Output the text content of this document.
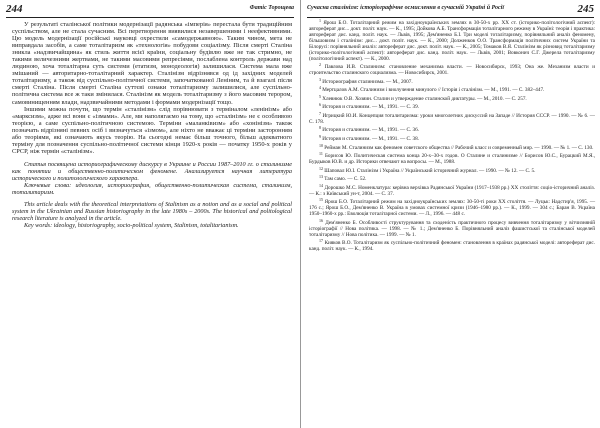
244	Фатіс Торощева

У результаті сталінської політики модернізації радянська «імперія» перестала бути традиційним суспільством, але не стала сучасним. Всі перетворення виявилися незавершеними і неефективними. Цю модель модернізації російські науковці охрестили «самодержавною». Таким чином, мета не виправдала засобів, а саме тоталітаризм як «технологія» побудови соціалізму. Після смерті Сталіна зникла «надзвичайщина» як стиль життя всієї країни, соціальну будівлю вже не так стримно, не такими величезними жертвами, не такими масовими репресіями, послаблена контроль держави над людиною, хоча тоталітарна суть системи (етатизм, монодеологія) залишилася. Система мала вже змішаний — авторитарно-тоталітарний характер. Сталінізм відрізнявся од ід західних моделей тоталітаризму, а також від суспільно-політичної системи, започаткованої Леніним, та й взагалі після смерті Сталіна. Після смерті Сталіна суттєві ознаки тоталітаризму залишилися, але суспільно-політична система все ж таки змінилася. Сталінізм як модель тоталітаризму з його масовим терором, самовинищенням влади, надзвичайними методами і формами модернізації тощо.

Іншими можна почути, що термін «сталінізм» слід порівнювати з терміналом «ленінізм» або «марксизм», адже всі вони є «ізмами». Але, ми наполягаємо на тому, що «сталінізм» не є особливою теорією, а саме суспільно-політичною системою. Терміни «маланківизм» або «хонінізм» також позначать відрізняні певних осіб і визначуться «ізмом», але ніхто не вважає ці терміни засторонням або теоріями, які означають якусь теорію. На сьогодні немає більш точного, більш адекватного терміну для позначення суспільно-політичної системи кінця 1920-х років — початку 1950-х років у СРСР, ніж термін «сталінізм».

Статья посвящена историографическому дискурсу в Украине и России 1987–2010 гг. о сталинизме как понятии и общественно-политическом феномене. Анализируется научная литература исторического и политологического характера.

Ключевые слова: идеология, историография, общественно-политическая система, сталинизм, тоталитаризм.

This article deals with the theoretical interpretations of Stalinism as a notion and as a social and political system in the Ukrainian and Russian historiography in the late 1980s – 2000s. The historical and politological research literature is analyzed in the article.

Key words: ideology, historiography, socio-political system, Stalinism, totalitarianism.

Сучасна сталінізм: історіографічне осмислення в сучасній Україні й Росії	245

$^1$ Ярош Б.О. Тоталітарний режим на західноукраїнських землях в 30-50-х рр. XX ст. (історико-політологічний аспект): автореферат дис... докт. політ. наук. — К., 1995; Дойкова А.Б. Трансформація тоталітарного режиму в Україні: теорія і практика: автореферат дис. канд. політ. наук. — Львів, 1995; Дем'яненко Б.І. Три моделі тоталітаризму, порівняльний аналіз феномену, більшовизм і сталінізм: дис... докт. політ. наук. — К., 2000; Долженков О.О. Трансформація політичних систем України та Білорусі: порівняльний аналіз: автореферат дис. докт. політ. наук. — К., 2005; Томаков В.Я. Сталінізм як різновид тоталітаризму (історико-політологічний аспект): автореферат дис. канд. політ. наук. — Львів, 2001; Вовконич С.Г. Джерела тоталітаризму (політологічний аспект). — К., 2000.

$^2$ Павлова И.В. Сталинизм: становление механизма власти. — Новосибирск, 1993; Она же. Механизм власти и строительство сталинского социализма. — Новосибирск, 2001.

$^3$ Историография сталинизма. — М., 2007.

$^4$ Мертцалов А.М. Сталинизм і виолучення минулого // Історія і сталінізм. — М., 1991. — С. 382–447.

$^5$ Хлевнюк О.В. Хозяин. Сталин и утверждение сталинской диктатуры. — М., 2010. — С. 257.

$^6$ История и сталинизм. — М., 1991. — С. 39.

$^7$ Игрицкий Ю.И. Концепция тоталитаризма: уроки многолетних дискуссий на Западе // История СССР. — 1990. — № 6. — С. 178.

$^8$ История и сталинизм. — М., 1991. — С. 36.

$^9$ История и сталинизм. — М., 1991. — С. 38.

$^{10}$ Рейман М. Сталинизм как феномен советского общества // Рабочий класс и современный мир. — 1990. — № 1. — С. 130.

$^{11}$ Борисов Ю. Политическая система конца 20-х–30-х годов. О Сталине и сталинизме // Борисов Ю.С., Бурацкий М.Я., Бурдыков Ю.В. и др. Историки отвечают на вопросы. — М., 1988.

$^{12}$ Шаповал Ю.І. Сталінізм і Україна // Український історичний журнал. — 1990. — № 12. — С. 5.

$^{13}$ Там само. — С. 52.

$^{14}$ Дорошко М.С. Номенклатура: керівна верхівка Радянської України (1917–1938 рр.) XX століття: соціо-історичний аналіз. — К.: з Київський ун-т, 2004. — С. 37.

$^{15}$ Ярош Б.О. Тоталітарний режим на західноукраїнських землях: 30-50-ті роки XX століття. — Луцьк: Надстир'я, 1995. — 176 с.; Ярош Б.О., Дем'яненко В. Україна в умовах системної кризи (1946–1980 рр.). — К., 1999. — 304 с.; Баран В. Україна 1950–1960-х рр.: Еволюція тоталітарної системи. — Л., 1996. — 448 с.

$^{16}$ Дем'яненко Б. Особливості структурування та сходеність практичного процесу вивчення тоталітаризму у вітчизняній історіографії // Нова політика. — 1998. — № 1.; Дем'яненко Б. Порівняльний аналіз фашистської та сталінської моделей тоталітаризму // Нова політика. — 1999. — № 1.

$^{17}$ Кияков В.О. Тоталітаризм як суспільно-політичний феномен: становлення в країнах радянської моделі: автореферат дис. канд. політ. наук. — К., 1994.
